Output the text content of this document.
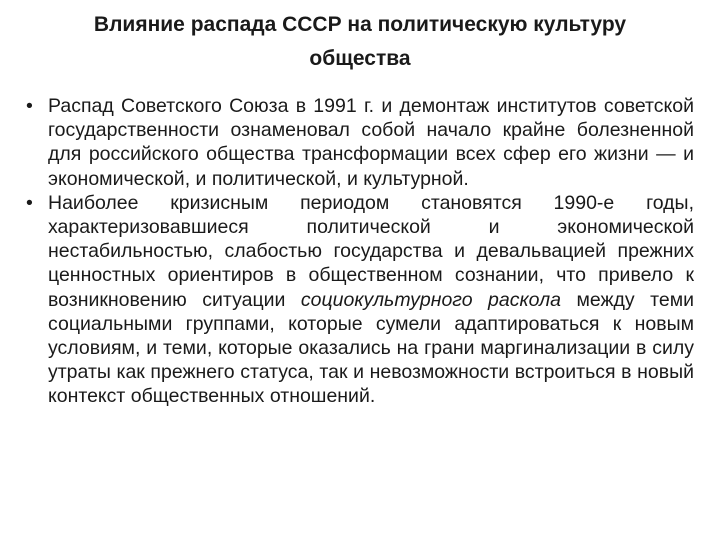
Влияние распада СССР на политическую культуру
общества
• Распад Советского Союза в 1991 г. и демонтаж институтов советской государственности ознаменовал собой начало крайне болезненной для российского общества трансформации всех сфер его жизни — и экономической, и политической, и культурной.
• Наиболее кризисным периодом становятся 1990-е годы, характеризовавшиеся политической и экономической нестабильностью, слабостью государства и девальвацией прежних ценностных ориентиров в общественном сознании, что привело к возникновению ситуации социокультурного раскола между теми социальными группами, которые сумели адаптироваться к новым условиям, и теми, которые оказались на грани маргинализации в силу утраты как прежнего статуса, так и невозможности встроиться в новый контекст общественных отношений.
